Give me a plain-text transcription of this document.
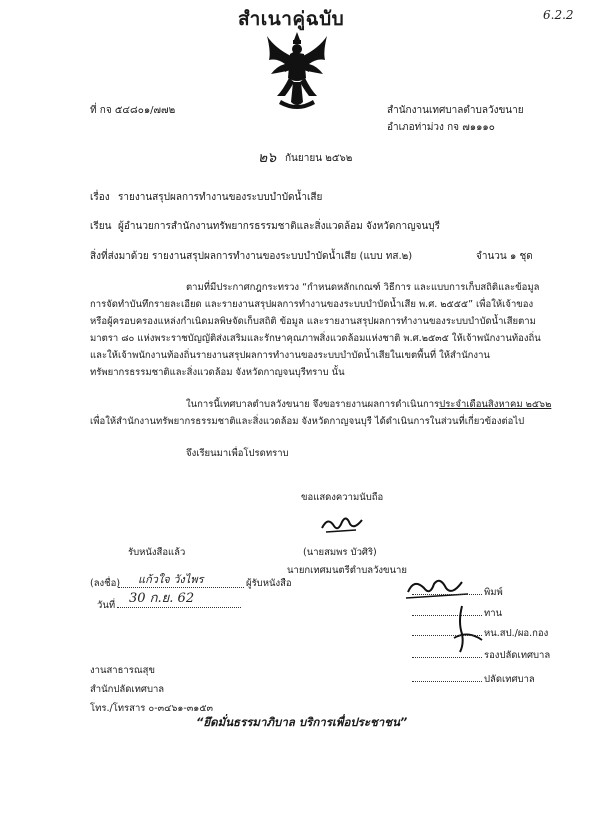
สำเนาคู่ฉบับ	6.2.2
ที่ กจ ๕๔๘๐๑/๗๗๒	สำนักงานเทศบาลตำบลวังขนาย
อำเภอท่าม่วง กจ ๗๑๑๑๐
๒๖ กันยายน ๒๕๖๒
เรื่อง รายงานสรุปผลการทำงานของระบบบำบัดน้ำเสีย
เรียน ผู้อำนวยการสำนักงานทรัพยากรธรรมชาติและสิ่งแวดล้อม จังหวัดกาญจนบุรี
สิ่งที่ส่งมาด้วย รายงานสรุปผลการทำงานของระบบบำบัดน้ำเสีย (แบบ ทส.๒)	จำนวน ๑ ชุด
ตามที่มีประกาศกฎกระทรวง “กำหนดหลักเกณฑ์ วิธีการ และแบบการเก็บสถิติและข้อมูล
การจัดทำบันทึกรายละเอียด และรายงานสรุปผลการทำงานของระบบบำบัดน้ำเสีย พ.ศ. ๒๕๕๕” เพื่อให้เจ้าของ
หรือผู้ครอบครองแหล่งกำเนิดมลพิษจัดเก็บสถิติ ข้อมูล และรายงานสรุปผลการทำงานของระบบบำบัดน้ำเสียตาม
มาตรา ๘๐ แห่งพระราชบัญญัติส่งเสริมและรักษาคุณภาพสิ่งแวดล้อมแห่งชาติ พ.ศ.๒๕๓๕ ให้เจ้าพนักงานท้องถิ่น
และให้เจ้าพนักงานท้องถิ่นรายงานสรุปผลการทำงานของระบบบำบัดน้ำเสียในเขตพื้นที่ ให้สำนักงาน
ทรัพยากรธรรมชาติและสิ่งแวดล้อม จังหวัดกาญจนบุรีทราบ นั้น
ในการนี้เทศบาลตำบลวังขนาย จึงขอรายงานผลการดำเนินการประจำเดือนสิงหาคม ๒๕๖๒
เพื่อให้สำนักงานทรัพยากรธรรมชาติและสิ่งแวดล้อม จังหวัดกาญจนบุรี ได้ดำเนินการในส่วนที่เกี่ยวข้องต่อไป
จึงเรียนมาเพื่อโปรดทราบ
ขอแสดงความนับถือ
(นายสมพร บัวศิริ)
นายกเทศมนตรีตำบลวังขนาย
รับหนังสือแล้ว
(ลงชื่อ) แก้วใจ วังไพร	ผู้รับหนังสือ
วันที่ 30 ก.ย. 62	พิมพ์
ทาน
หน.สป./ผอ.กอง
รองปลัดเทศบาล
ปลัดเทศบาล
งานสาธารณสุข
สำนักปลัดเทศบาล
โทร./โทรสาร ๐-๓๔๖๑-๓๑๕๓
“ยึดมั่นธรรมาภิบาล บริการเพื่อประชาชน”
